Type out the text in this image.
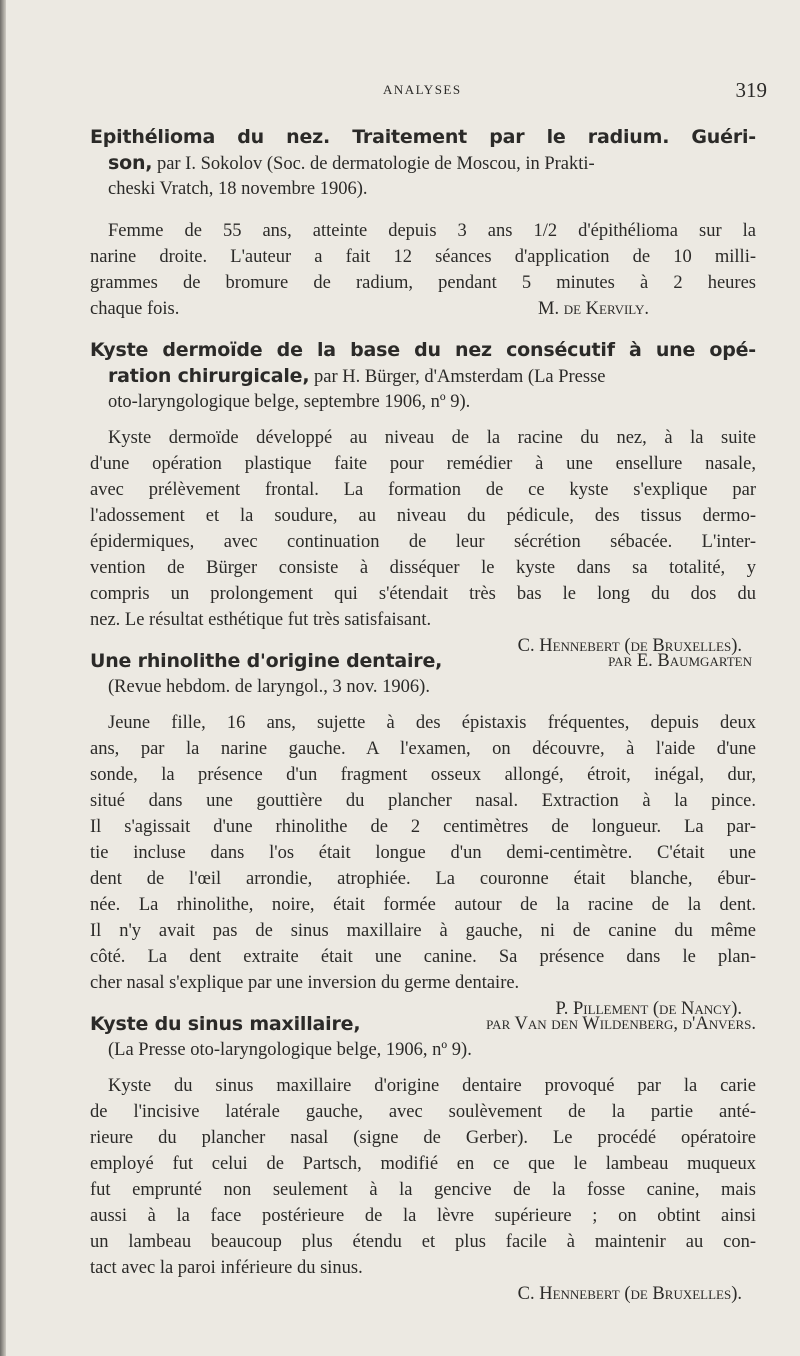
ANALYSES	319
Epithélioma du nez. Traitement par le radium. Guéri-
son, par I. Sokolov (Soc. de dermatologie de Moscou, in Prakti-
cheski Vratch, 18 novembre 1906).
Femme de 55 ans, atteinte depuis 3 ans 1/2 d'épithélioma sur la
narine droite. L'auteur a fait 12 séances d'application de 10 milli-
grammes de bromure de radium, pendant 5 minutes à 2 heures
chaque fois.	M. de Kervily.
Kyste dermoïde de la base du nez consécutif à une opé-
ration chirurgicale, par H. Bürger, d'Amsterdam (La Presse
oto-laryngologique belge, septembre 1906, nº 9).
Kyste dermoïde développé au niveau de la racine du nez, à la suite
d'une opération plastique faite pour remédier à une ensellure nasale,
avec prélèvement frontal. La formation de ce kyste s'explique par
l'adossement et la soudure, au niveau du pédicule, des tissus dermo-
épidermiques, avec continuation de leur sécrétion sébacée. L'inter-
vention de Bürger consiste à disséquer le kyste dans sa totalité, y
compris un prolongement qui s'étendait très bas le long du dos du
nez. Le résultat esthétique fut très satisfaisant.
C. Hennebert (de Bruxelles).
Une rhinolithe d'origine dentaire,	par E. Baumgarten
(Revue hebdom. de laryngol., 3 nov. 1906).
Jeune fille, 16 ans, sujette à des épistaxis fréquentes, depuis deux
ans, par la narine gauche. A l'examen, on découvre, à l'aide d'une
sonde, la présence d'un fragment osseux allongé, étroit, inégal, dur,
situé dans une gouttière du plancher nasal. Extraction à la pince.
Il s'agissait d'une rhinolithe de 2 centimètres de longueur. La par-
tie incluse dans l'os était longue d'un demi-centimètre. C'était une
dent de l'œil arrondie, atrophiée. La couronne était blanche, ébur-
née. La rhinolithe, noire, était formée autour de la racine de la dent.
Il n'y avait pas de sinus maxillaire à gauche, ni de canine du même
côté. La dent extraite était une canine. Sa présence dans le plan-
cher nasal s'explique par une inversion du germe dentaire.
P. Pillement (de Nancy).
Kyste du sinus maxillaire,	par Van den Wildenberg, d'Anvers.
(La Presse oto-laryngologique belge, 1906, nº 9).
Kyste du sinus maxillaire d'origine dentaire provoqué par la carie
de l'incisive latérale gauche, avec soulèvement de la partie anté-
rieure du plancher nasal (signe de Gerber). Le procédé opératoire
employé fut celui de Partsch, modifié en ce que le lambeau muqueux
fut emprunté non seulement à la gencive de la fosse canine, mais
aussi à la face postérieure de la lèvre supérieure ; on obtint ainsi
un lambeau beaucoup plus étendu et plus facile à maintenir au con-
tact avec la paroi inférieure du sinus.
C. Hennebert (de Bruxelles).
